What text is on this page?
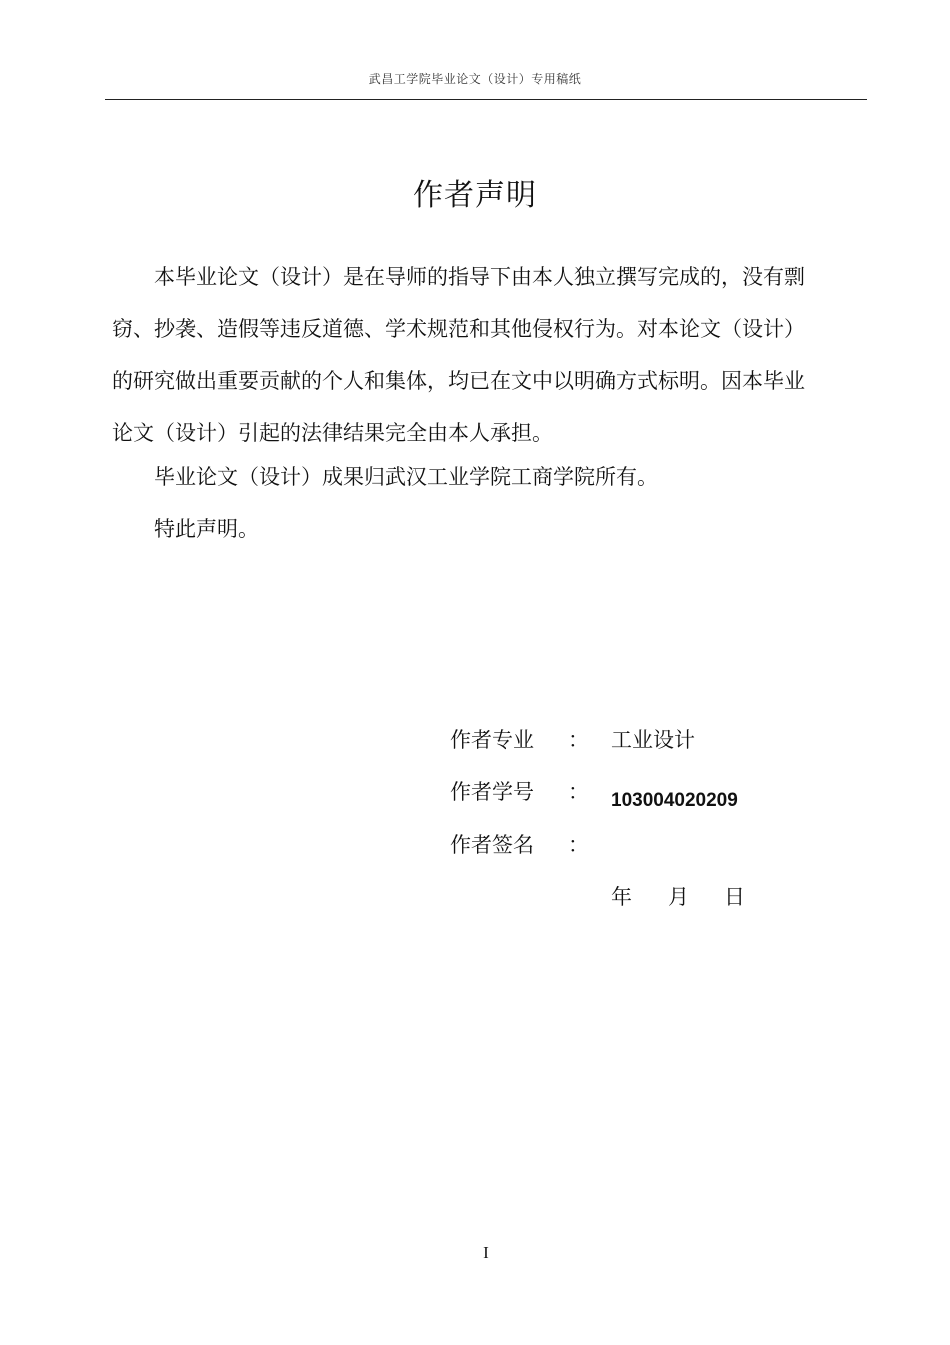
武昌工学院毕业论文（设计）专用稿纸
作者声明
本毕业论文（设计）是在导师的指导下由本人独立撰写完成的，没有剽窃、抄袭、造假等违反道德、学术规范和其他侵权行为。对本论文（设计）的研究做出重要贡献的个人和集体，均已在文中以明确方式标明。因本毕业论文（设计）引起的法律结果完全由本人承担。
毕业论文（设计）成果归武汉工业学院工商学院所有。
特此声明。
作者专业 ： 工业设计
作者学号 ： 103004020209
作者签名 ：
年 月 日
I
